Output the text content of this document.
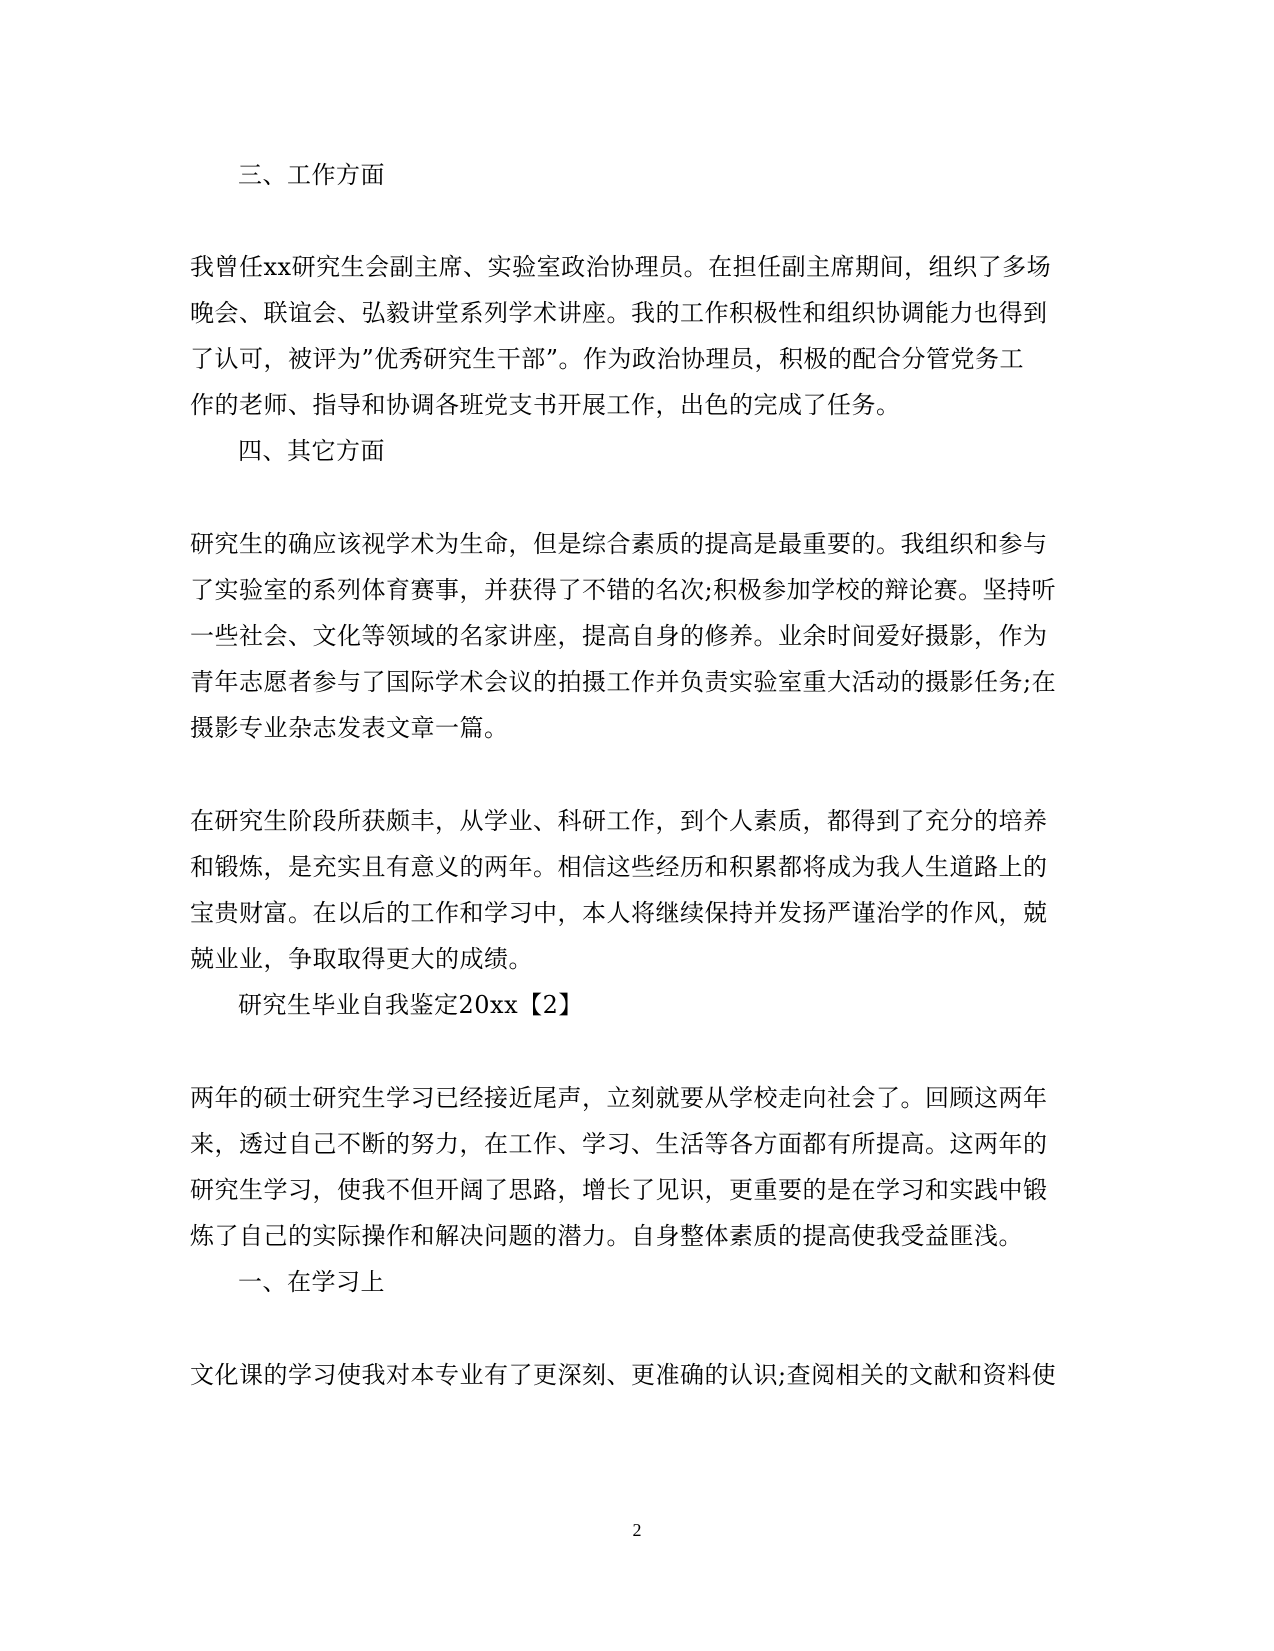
三、工作方面
我曾任xx研究生会副主席、实验室政治协理员。在担任副主席期间，组织了多场
晚会、联谊会、弘毅讲堂系列学术讲座。我的工作积极性和组织协调能力也得到
了认可，被评为”优秀研究生干部”。作为政治协理员，积极的配合分管党务工
作的老师、指导和协调各班党支书开展工作，出色的完成了任务。
四、其它方面
研究生的确应该视学术为生命，但是综合素质的提高是最重要的。我组织和参与
了实验室的系列体育赛事，并获得了不错的名次;积极参加学校的辩论赛。坚持听
一些社会、文化等领域的名家讲座，提高自身的修养。业余时间爱好摄影，作为
青年志愿者参与了国际学术会议的拍摄工作并负责实验室重大活动的摄影任务;在
摄影专业杂志发表文章一篇。
在研究生阶段所获颇丰，从学业、科研工作，到个人素质，都得到了充分的培养
和锻炼，是充实且有意义的两年。相信这些经历和积累都将成为我人生道路上的
宝贵财富。在以后的工作和学习中，本人将继续保持并发扬严谨治学的作风，兢
兢业业，争取取得更大的成绩。
研究生毕业自我鉴定20xx【2】
两年的硕士研究生学习已经接近尾声，立刻就要从学校走向社会了。回顾这两年
来，透过自己不断的努力，在工作、学习、生活等各方面都有所提高。这两年的
研究生学习，使我不但开阔了思路，增长了见识，更重要的是在学习和实践中锻
炼了自己的实际操作和解决问题的潜力。自身整体素质的提高使我受益匪浅。
一、在学习上
文化课的学习使我对本专业有了更深刻、更准确的认识;查阅相关的文献和资料使
2
